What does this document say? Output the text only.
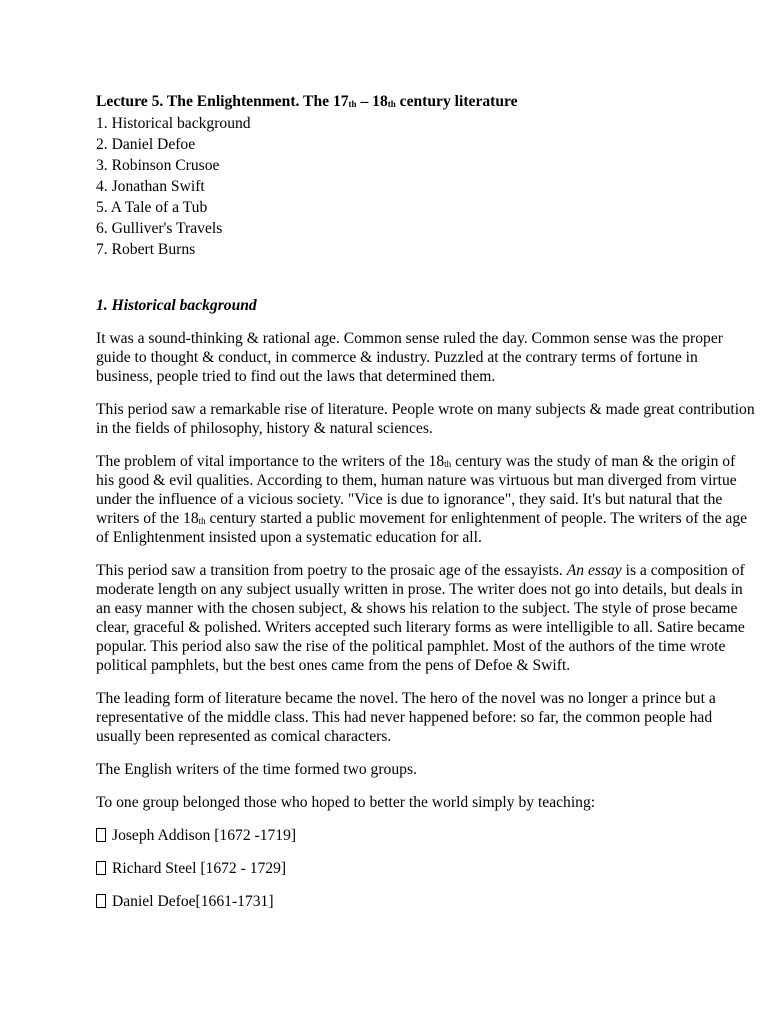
Lecture 5. The Enlightenment. The $17_{th} - 18_{th}$ century literature

1. Historical background
2. Daniel Defoe
3. Robinson Crusoe
4. Jonathan Swift
5. A Tale of a Tub
6. Gulliver's Travels
7. Robert Burns

1. Historical background

It was a sound-thinking & rational age. Common sense ruled the day. Common sense was the proper guide to thought & conduct, in commerce & industry. Puzzled at the contrary terms of fortune in business, people tried to find out the laws that determined them.

This period saw a remarkable rise of literature. People wrote on many subjects & made great contribution in the fields of philosophy, history & natural sciences.

The problem of vital importance to the writers of the $18_{th}$ century was the study of man & the origin of his good & evil qualities. According to them, human nature was virtuous but man diverged from virtue under the influence of a vicious society. "Vice is due to ignorance", they said. It's but natural that the writers of the $18_{th}$ century started a public movement for enlightenment of people. The writers of the age of Enlightenment insisted upon a systematic education for all.

This period saw a transition from poetry to the prosaic age of the essayists. An essay is a composition of moderate length on any subject usually written in prose. The writer does not go into details, but deals in an easy manner with the chosen subject, & shows his relation to the subject. The style of prose became clear, graceful & polished. Writers accepted such literary forms as were intelligible to all. Satire became popular. This period also saw the rise of the political pamphlet. Most of the authors of the time wrote political pamphlets, but the best ones came from the pens of Defoe & Swift.

The leading form of literature became the novel. The hero of the novel was no longer a prince but a representative of the middle class. This had never happened before: so far, the common people had usually been represented as comical characters.

The English writers of the time formed two groups.

To one group belonged those who hoped to better the world simply by teaching:

Joseph Addison [1672 -1719]
Richard Steel [1672 - 1729]
Daniel Defoe[1661-1731]
